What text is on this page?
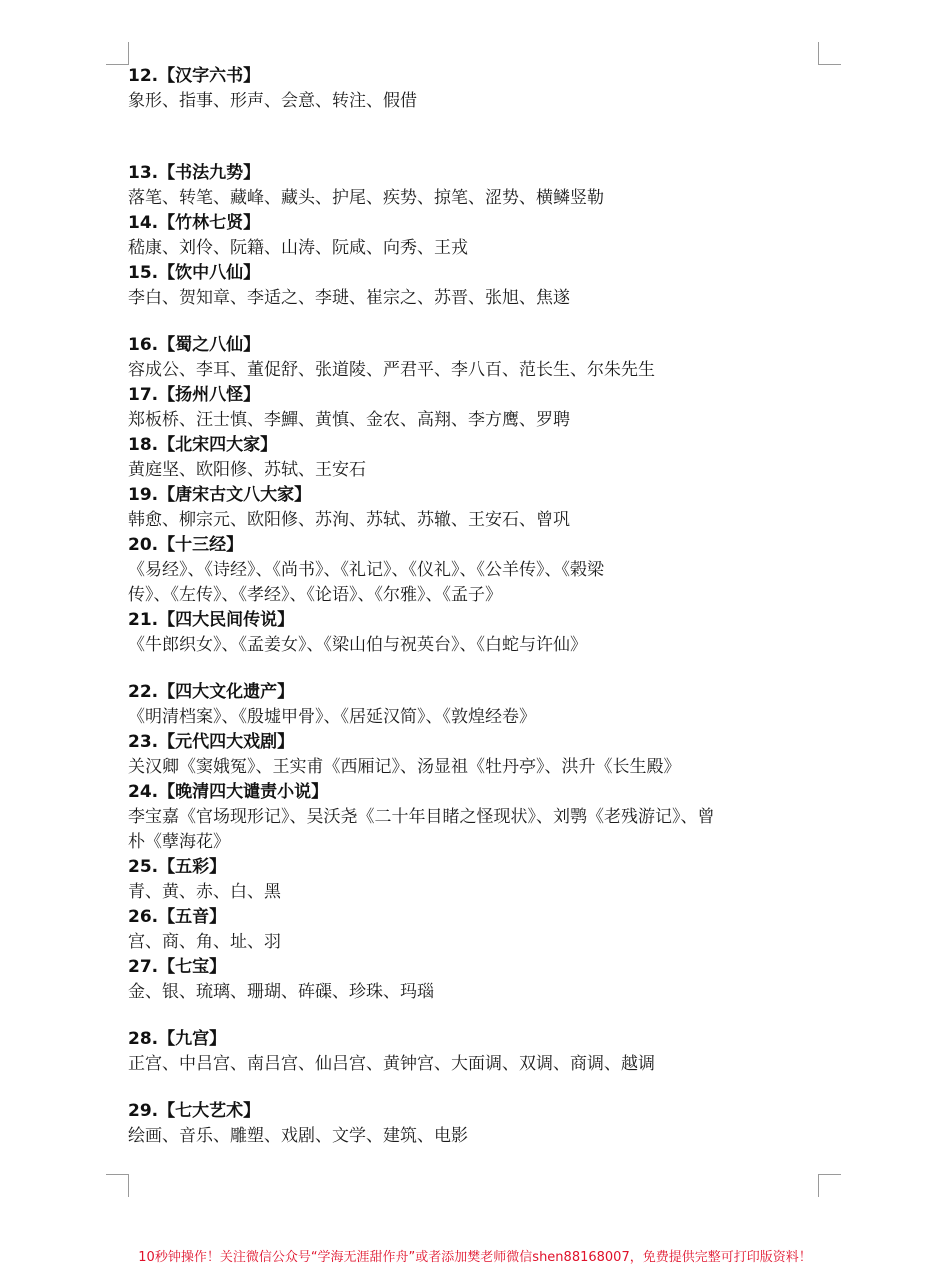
12.【汉字六书】
象形、指事、形声、会意、转注、假借
13.【书法九势】
落笔、转笔、藏峰、藏头、护尾、疾势、掠笔、涩势、横鳞竖勒
14.【竹林七贤】
嵇康、刘伶、阮籍、山涛、阮咸、向秀、王戎
15.【饮中八仙】
李白、贺知章、李适之、李琎、崔宗之、苏晋、张旭、焦遂
16.【蜀之八仙】
容成公、李耳、董促舒、张道陵、严君平、李八百、范长生、尔朱先生
17.【扬州八怪】
郑板桥、汪士慎、李鱓、黄慎、金农、高翔、李方鹰、罗聘
18.【北宋四大家】
黄庭坚、欧阳修、苏轼、王安石
19.【唐宋古文八大家】
韩愈、柳宗元、欧阳修、苏洵、苏轼、苏辙、王安石、曾巩
20.【十三经】
《易经》、《诗经》、《尚书》、《礼记》、《仪礼》、《公羊传》、《榖梁
传》、《左传》、《孝经》、《论语》、《尔雅》、《孟子》
21.【四大民间传说】
《牛郎织女》、《孟姜女》、《梁山伯与祝英台》、《白蛇与许仙》
22.【四大文化遗产】
《明清档案》、《殷墟甲骨》、《居延汉简》、《敦煌经卷》
23.【元代四大戏剧】
关汉卿《窦娥冤》、王实甫《西厢记》、汤显祖《牡丹亭》、洪升《长生殿》
24.【晚清四大谴责小说】
李宝嘉《官场现形记》、吴沃尧《二十年目睹之怪现状》、刘鹗《老残游记》、曾
朴《孽海花》
25.【五彩】
青、黄、赤、白、黑
26.【五音】
宫、商、角、址、羽
27.【七宝】
金、银、琉璃、珊瑚、砗磲、珍珠、玛瑙
28.【九宫】
正宫、中吕宫、南吕宫、仙吕宫、黄钟宫、大面调、双调、商调、越调
29.【七大艺术】
绘画、音乐、雕塑、戏剧、文学、建筑、电影
10秒钟操作！关注微信公众号“学海无涯甜作舟”或者添加樊老师微信shen88168007，免费提供完整可打印版资料！
